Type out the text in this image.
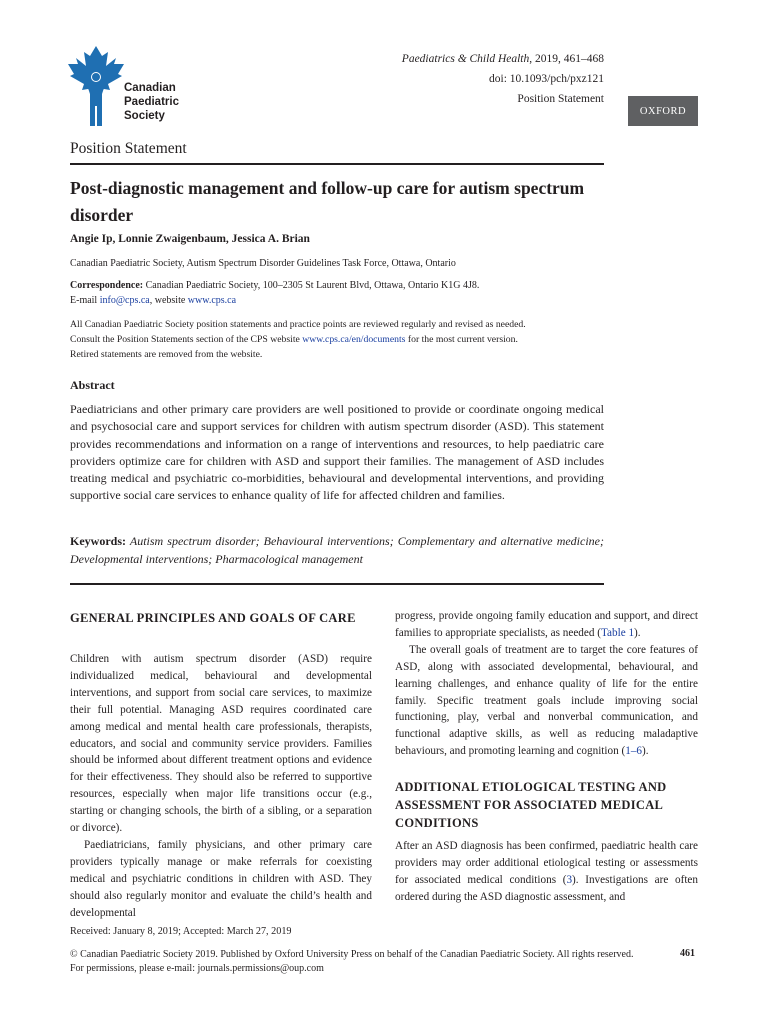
Canadian
Paediatric
Society
Paediatrics & Child Health, 2019, 461–468
doi: 10.1093/pch/pxz121
Position Statement
OXFORD
Position Statement
Post-diagnostic management and follow-up care for autism spectrum disorder
Angie Ip, Lonnie Zwaigenbaum, Jessica A. Brian
Canadian Paediatric Society, Autism Spectrum Disorder Guidelines Task Force, Ottawa, Ontario
Correspondence: Canadian Paediatric Society, 100–2305 St Laurent Blvd, Ottawa, Ontario K1G 4J8.
E-mail info@cps.ca, website www.cps.ca
All Canadian Paediatric Society position statements and practice points are reviewed regularly and revised as needed.
Consult the Position Statements section of the CPS website www.cps.ca/en/documents for the most current version.
Retired statements are removed from the website.
Abstract
Paediatricians and other primary care providers are well positioned to provide or coordinate ongoing medical and psychosocial care and support services for children with autism spectrum disorder (ASD). This statement provides recommendations and information on a range of interventions and resources, to help paediatric care providers optimize care for children with ASD and support their families. The management of ASD includes treating medical and psychiatric co-morbidities, behavioural and developmental interventions, and providing supportive social care services to enhance quality of life for affected children and families.
Keywords: Autism spectrum disorder; Behavioural interventions; Complementary and alternative medicine; Developmental interventions; Pharmacological management
GENERAL PRINCIPLES AND GOALS OF CARE

Children with autism spectrum disorder (ASD) require individualized medical, behavioural and developmental interventions, and support from social care services, to maximize their full potential. Managing ASD requires coordinated care among medical and mental health care professionals, therapists, educators, and social and community service providers. Families should be informed about different treatment options and evidence for their effectiveness. They should also be referred to supportive resources, especially when major life transitions occur (e.g., starting or changing schools, the birth of a sibling, or a separation or divorce).

Paediatricians, family physicians, and other primary care providers typically manage or make referrals for coexisting medical and psychiatric conditions in children with ASD. They should also regularly monitor and evaluate the child’s health and developmental

progress, provide ongoing family education and support, and direct families to appropriate specialists, as needed (Table 1).

The overall goals of treatment are to target the core features of ASD, along with associated developmental, behavioural, and learning challenges, and enhance quality of life for the entire family. Specific treatment goals include improving social functioning, play, verbal and nonverbal communication, and functional adaptive skills, as well as reducing maladaptive behaviours, and promoting learning and cognition (1–6).

ADDITIONAL ETIOLOGICAL TESTING AND ASSESSMENT FOR ASSOCIATED MEDICAL CONDITIONS

After an ASD diagnosis has been confirmed, paediatric health care providers may order additional etiological testing or assessments for associated medical conditions (3). Investigations are often ordered during the ASD diagnostic assessment, and

Received: January 8, 2019; Accepted: March 27, 2019
© Canadian Paediatric Society 2019. Published by Oxford University Press on behalf of the Canadian Paediatric Society. All rights reserved.
For permissions, please e-mail: journals.permissions@oup.com
461
